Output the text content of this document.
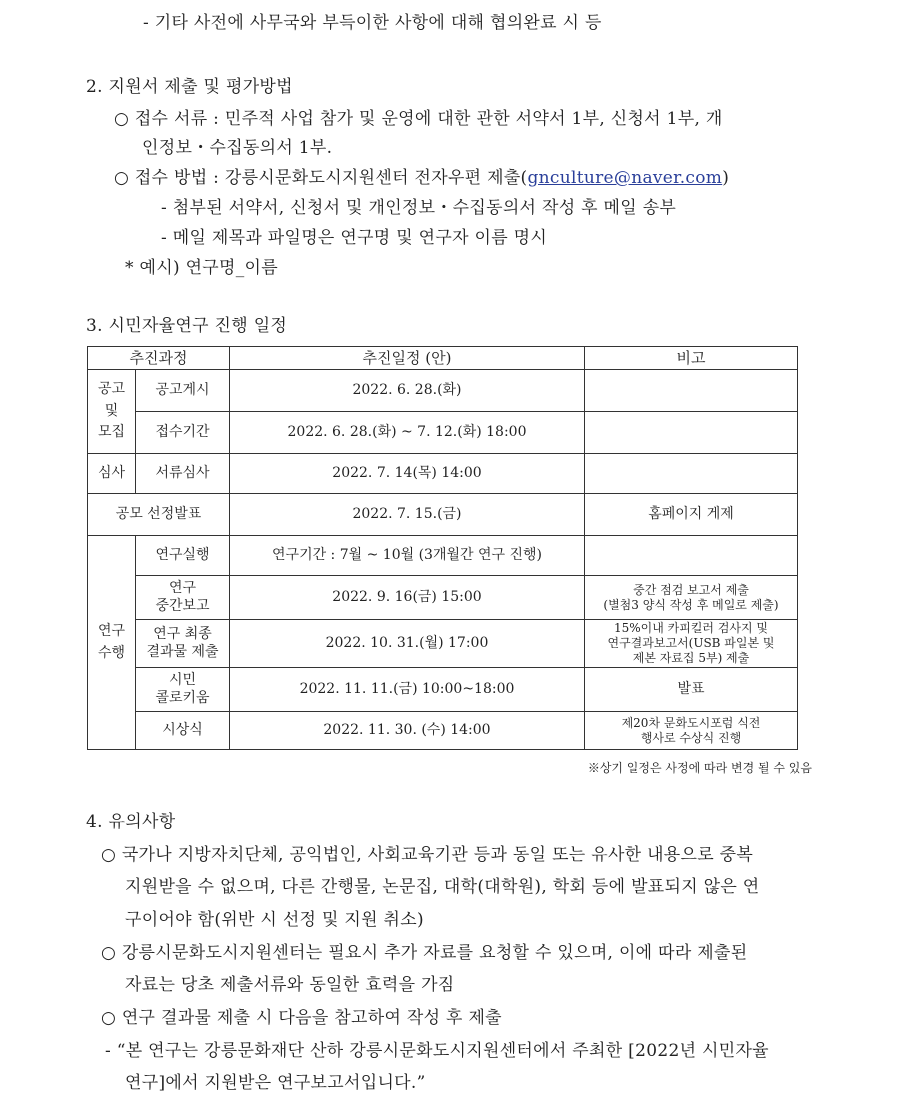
- 기타 사전에 사무국와 부득이한 사항에 대해 협의완료 시 등
2. 지원서 제출 및 평가방법
○ 접수 서류 : 민주적 사업 참가 및 운영에 대한 관한 서약서 1부, 신청서 1부, 개
인정보・수집동의서 1부.
○ 접수 방법 : 강릉시문화도시지원센터 전자우편 제출(gnculture@naver.com)
- 첨부된 서약서, 신청서 및 개인정보・수집동의서 작성 후 메일 송부
- 메일 제목과 파일명은 연구명 및 연구자 이름 명시
* 예시) 연구명_이름
3. 시민자율연구 진행 일정
추진과정		추진일정 (안)	비고
공고
및
모집	공고게시	2022. 6. 28.(화)	
	접수기간	2022. 6. 28.(화) ~ 7. 12.(화) 18:00	
심사	서류심사	2022. 7. 14(목) 14:00	
공모 선정발표		2022. 7. 15.(금)	홈페이지 게제
연구
수행	연구실행	연구기간 : 7월 ~ 10월 (3개월간 연구 진행)	
	연구
중간보고	2022. 9. 16(금) 15:00	중간 점검 보고서 제출
(별첨3 양식 작성 후 메일로 제출)
	연구 최종
결과물 제출	2022. 10. 31.(월) 17:00	15%이내 카피킬러 검사지 및
연구결과보고서(USB 파일본 및
제본 자료집 5부) 제출
	시민
콜로키움	2022. 11. 11.(금) 10:00~18:00	발표
	시상식	2022. 11. 30. (수) 14:00	제20차 문화도시포럼 식전
행사로 수상식 진행
※상기 일정은 사정에 따라 변경 될 수 있음
4. 유의사항
○ 국가나 지방자치단체, 공익법인, 사회교육기관 등과 동일 또는 유사한 내용으로 중복
지원받을 수 없으며, 다른 간행물, 논문집, 대학(대학원), 학회 등에 발표되지 않은 연
구이어야 함(위반 시 선정 및 지원 취소)
○ 강릉시문화도시지원센터는 필요시 추가 자료를 요청할 수 있으며, 이에 따라 제출된
자료는 당초 제출서류와 동일한 효력을 가짐
○ 연구 결과물 제출 시 다음을 참고하여 작성 후 제출
- “본 연구는 강릉문화재단 산하 강릉시문화도시지원센터에서 주최한 [2022년 시민자율
연구]에서 지원받은 연구보고서입니다.”
